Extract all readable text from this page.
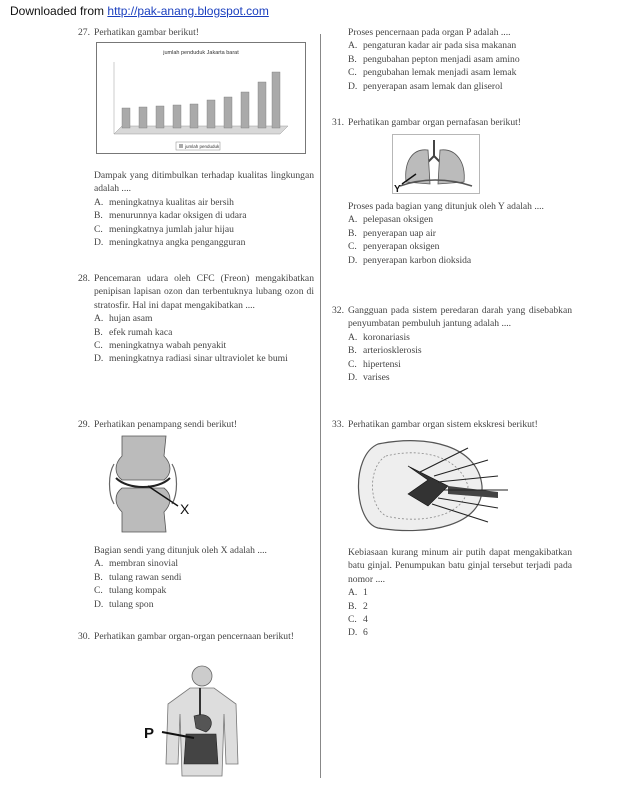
Downloaded from http://pak-anang.blogspot.com
27. Perhatikan gambar berikut!
jumlah penduduk Jakarta barat
jumlah penduduk
Dampak yang ditimbulkan terhadap kualitas lingkungan adalah ....
A. meningkatnya kualitas air bersih
B. menurunnya kadar oksigen di udara
C. meningkatnya jumlah jalur hijau
D. meningkatnya angka pengangguran
28. Pencemaran udara oleh CFC (Freon) mengakibatkan penipisan lapisan ozon dan terbentuknya lubang ozon di stratosfir. Hal ini dapat mengakibatkan ....
A. hujan asam
B. efek rumah kaca
C. meningkatnya wabah penyakit
D. meningkatnya radiasi sinar ultraviolet ke bumi
29. Perhatikan penampang sendi berikut!
X
Bagian sendi yang ditunjuk oleh X adalah ....
A. membran sinovial
B. tulang rawan sendi
C. tulang kompak
D. tulang spon
30. Perhatikan gambar organ-organ pencernaan berikut!
P
Proses pencernaan pada organ P adalah ....
A. pengaturan kadar air pada sisa makanan
B. pengubahan pepton menjadi asam amino
C. pengubahan lemak menjadi asam lemak
D. penyerapan asam lemak dan gliserol
31. Perhatikan gambar organ pernafasan berikut!
Y
Proses pada bagian yang ditunjuk oleh Y adalah ....
A. pelepasan oksigen
B. penyerapan uap air
C. penyerapan oksigen
D. penyerapan karbon dioksida
32. Gangguan pada sistem peredaran darah yang disebabkan penyumbatan pembuluh jantung adalah ....
A. koronariasis
B. arteriosklerosis
C. hipertensi
D. varises
33. Perhatikan gambar organ sistem ekskresi berikut!
Kebiasaan kurang minum air putih dapat mengakibatkan batu ginjal. Penumpukan batu ginjal tersebut terjadi pada nomor ....
A. 1
B. 2
C. 4
D. 6
